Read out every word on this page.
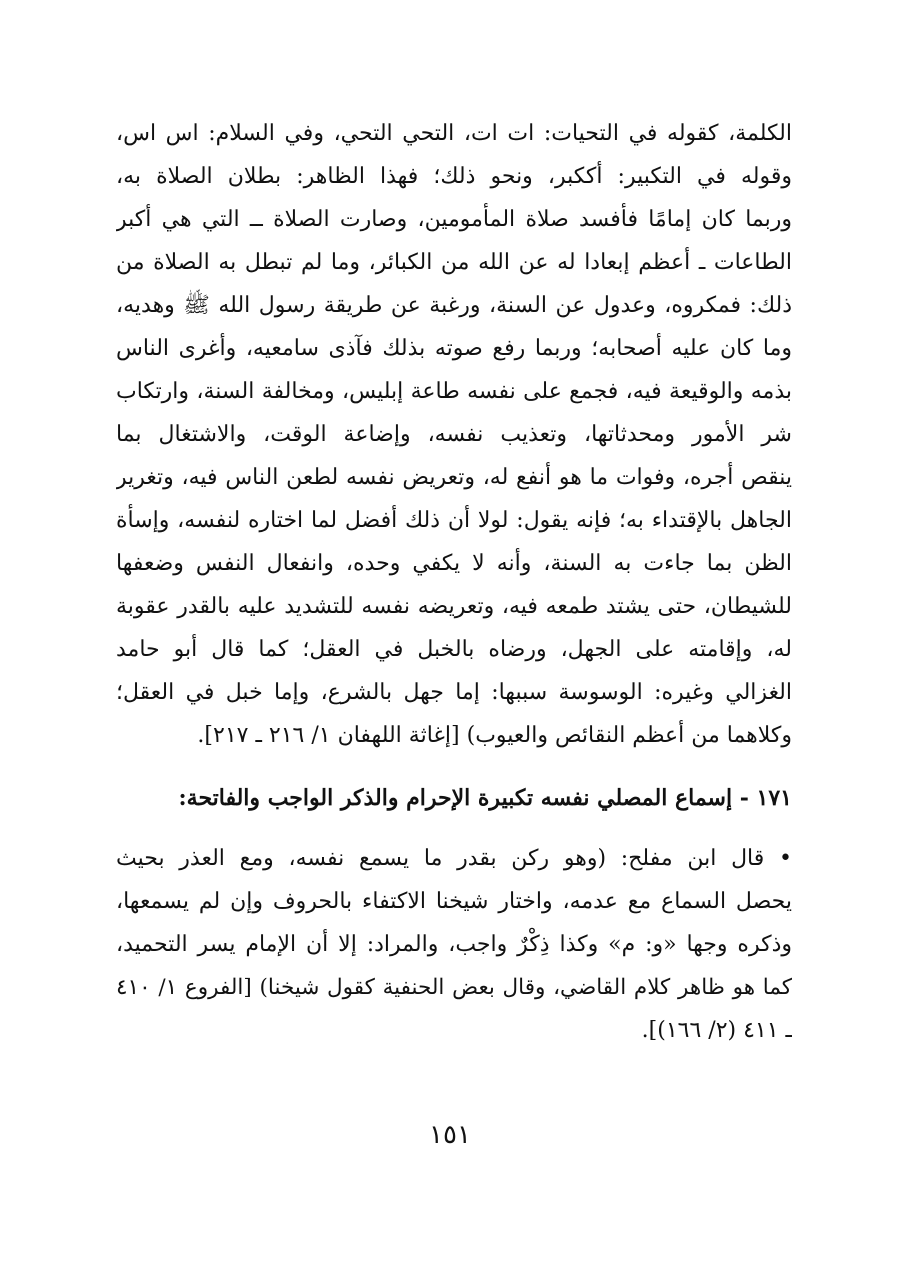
الكلمة، كقوله في التحيات: ات ات، التحي التحي، وفي السلام: اس اس،
وقوله في التكبير: أككبر، ونحو ذلك؛ فهذا الظاهر: بطلان الصلاة به،
وربما كان إمامًا فأفسد صلاة المأمومين، وصارت الصلاة ــ التي هي أكبر
الطاعات ـ أعظم إبعادا له عن الله من الكبائر، وما لم تبطل به الصلاة من
ذلك: فمكروه، وعدول عن السنة، ورغبة عن طريقة رسول الله ﷺ وهديه،
وما كان عليه أصحابه؛ وربما رفع صوته بذلك فآذى سامعيه، وأغرى الناس
بذمه والوقيعة فيه، فجمع على نفسه طاعة إبليس، ومخالفة السنة، وارتكاب
شر الأمور ومحدثاتها، وتعذيب نفسه، وإضاعة الوقت، والاشتغال بما
ينقص أجره، وفوات ما هو أنفع له، وتعريض نفسه لطعن الناس فيه، وتغرير
الجاهل بالإقتداء به؛ فإنه يقول: لولا أن ذلك أفضل لما اختاره لنفسه، وإسأة
الظن بما جاءت به السنة، وأنه لا يكفي وحده، وانفعال النفس وضعفها
للشيطان، حتى يشتد طمعه فيه، وتعريضه نفسه للتشديد عليه بالقدر عقوبة
له، وإقامته على الجهل، ورضاه بالخبل في العقل؛ كما قال أبو حامد
الغزالي وغيره: الوسوسة سببها: إما جهل بالشرع، وإما خبل في العقل؛
وكلاهما من أعظم النقائص والعيوب) [إغاثة اللهفان ١/ ٢١٦ ـ ٢١٧].
١٧١ - إسماع المصلي نفسه تكبيرة الإحرام والذكر الواجب والفاتحة:
• قال ابن مفلح: (وهو ركن بقدر ما يسمع نفسه، ومع العذر بحيث
يحصل السماع مع عدمه، واختار شيخنا الاكتفاء بالحروف وإن لم يسمعها،
وذكره وجها «و: م» وكذا ذِكْرٌ واجب، والمراد: إلا أن الإمام يسر التحميد،
كما هو ظاهر كلام القاضي، وقال بعض الحنفية كقول شيخنا) [الفروع ١/ ٤١٠
ـ ٤١١ (٢/ ١٦٦)].
١٥١
